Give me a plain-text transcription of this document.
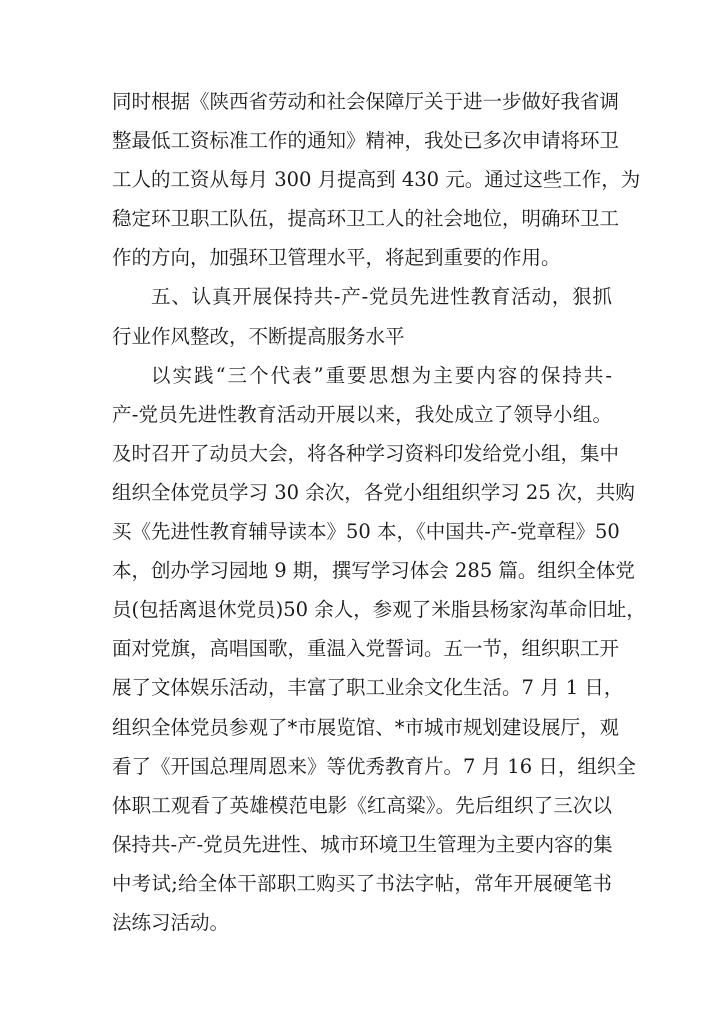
同时根据《陕西省劳动和社会保障厅关于进一步做好我省调
整最低工资标准工作的通知》精神，我处已多次申请将环卫
工人的工资从每月 300 月提高到 430 元。通过这些工作，为
稳定环卫职工队伍，提高环卫工人的社会地位，明确环卫工
作的方向，加强环卫管理水平，将起到重要的作用。
五、认真开展保持共-产-党员先进性教育活动，狠抓
行业作风整改，不断提高服务水平
以实践“三个代表”重要思想为主要内容的保持共-
产-党员先进性教育活动开展以来，我处成立了领导小组。
及时召开了动员大会，将各种学习资料印发给党小组，集中
组织全体党员学习 30 余次，各党小组组织学习 25 次，共购
买《先进性教育辅导读本》50 本，《中国共-产-党章程》50
本，创办学习园地 9 期，撰写学习体会 285 篇。组织全体党
员(包括离退休党员)50 余人，参观了米脂县杨家沟革命旧址，
面对党旗，高唱国歌，重温入党誓词。五一节，组织职工开
展了文体娱乐活动，丰富了职工业余文化生活。7 月 1 日，
组织全体党员参观了*市展览馆、*市城市规划建设展厅，观
看了《开国总理周恩来》等优秀教育片。7 月 16 日，组织全
体职工观看了英雄模范电影《红高粱》。先后组织了三次以
保持共-产-党员先进性、城市环境卫生管理为主要内容的集
中考试;给全体干部职工购买了书法字帖，常年开展硬笔书
法练习活动。
